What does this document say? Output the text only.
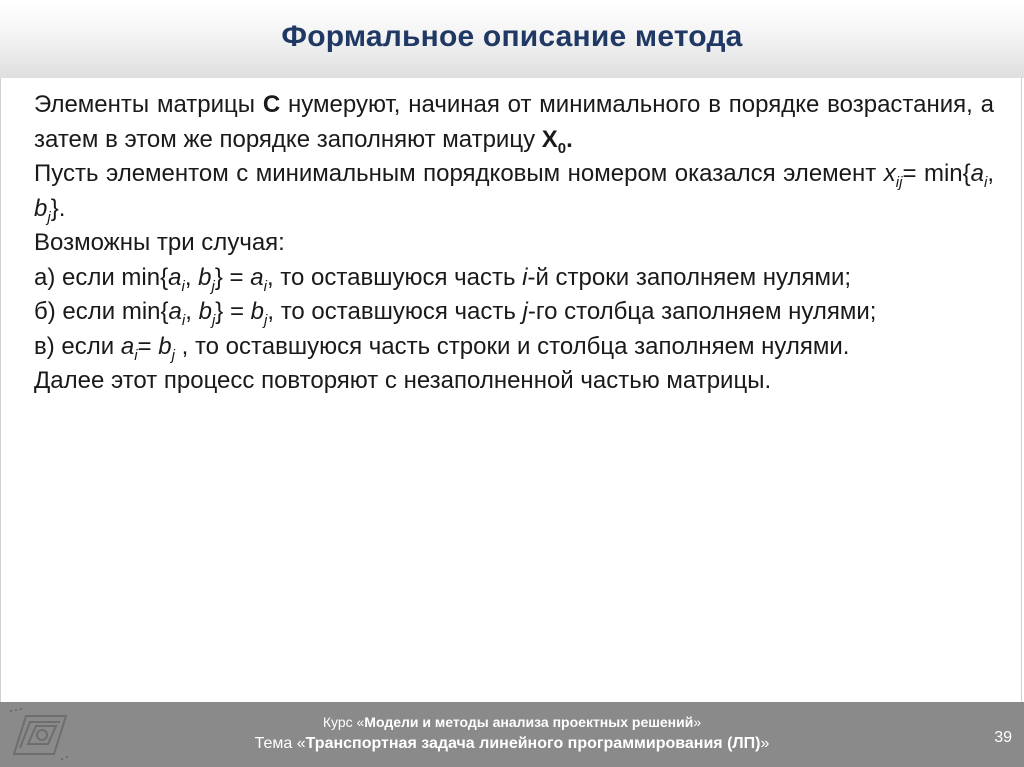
Формальное описание метода

Элементы матрицы С нумеруют, начиная от минимального в порядке возрастания, а затем в этом же порядке заполняют матрицу $X_0$.

Пусть элементом с минимальным порядковым номером оказался элемент $x_{ij}= \min\{a_i$, $b_j$}.

Возможны три случая:

а) если $\min\{a_i$, $b_j\} = a_i$, то оставшуюся часть i-й строки заполняем нулями;

б) если $\min\{a_i$, $b_j\} = b_j$, то оставшуюся часть j-го столбца заполняем нулями;

в) если $a_i= b_j$ , то оставшуюся часть строки и столбца заполняем нулями.

Далее этот процесс повторяют с незаполненной частью матрицы.

Курс «Модели и методы анализа проектных решений»
Тема «Транспортная задача линейного программирования (ЛП)»	39
